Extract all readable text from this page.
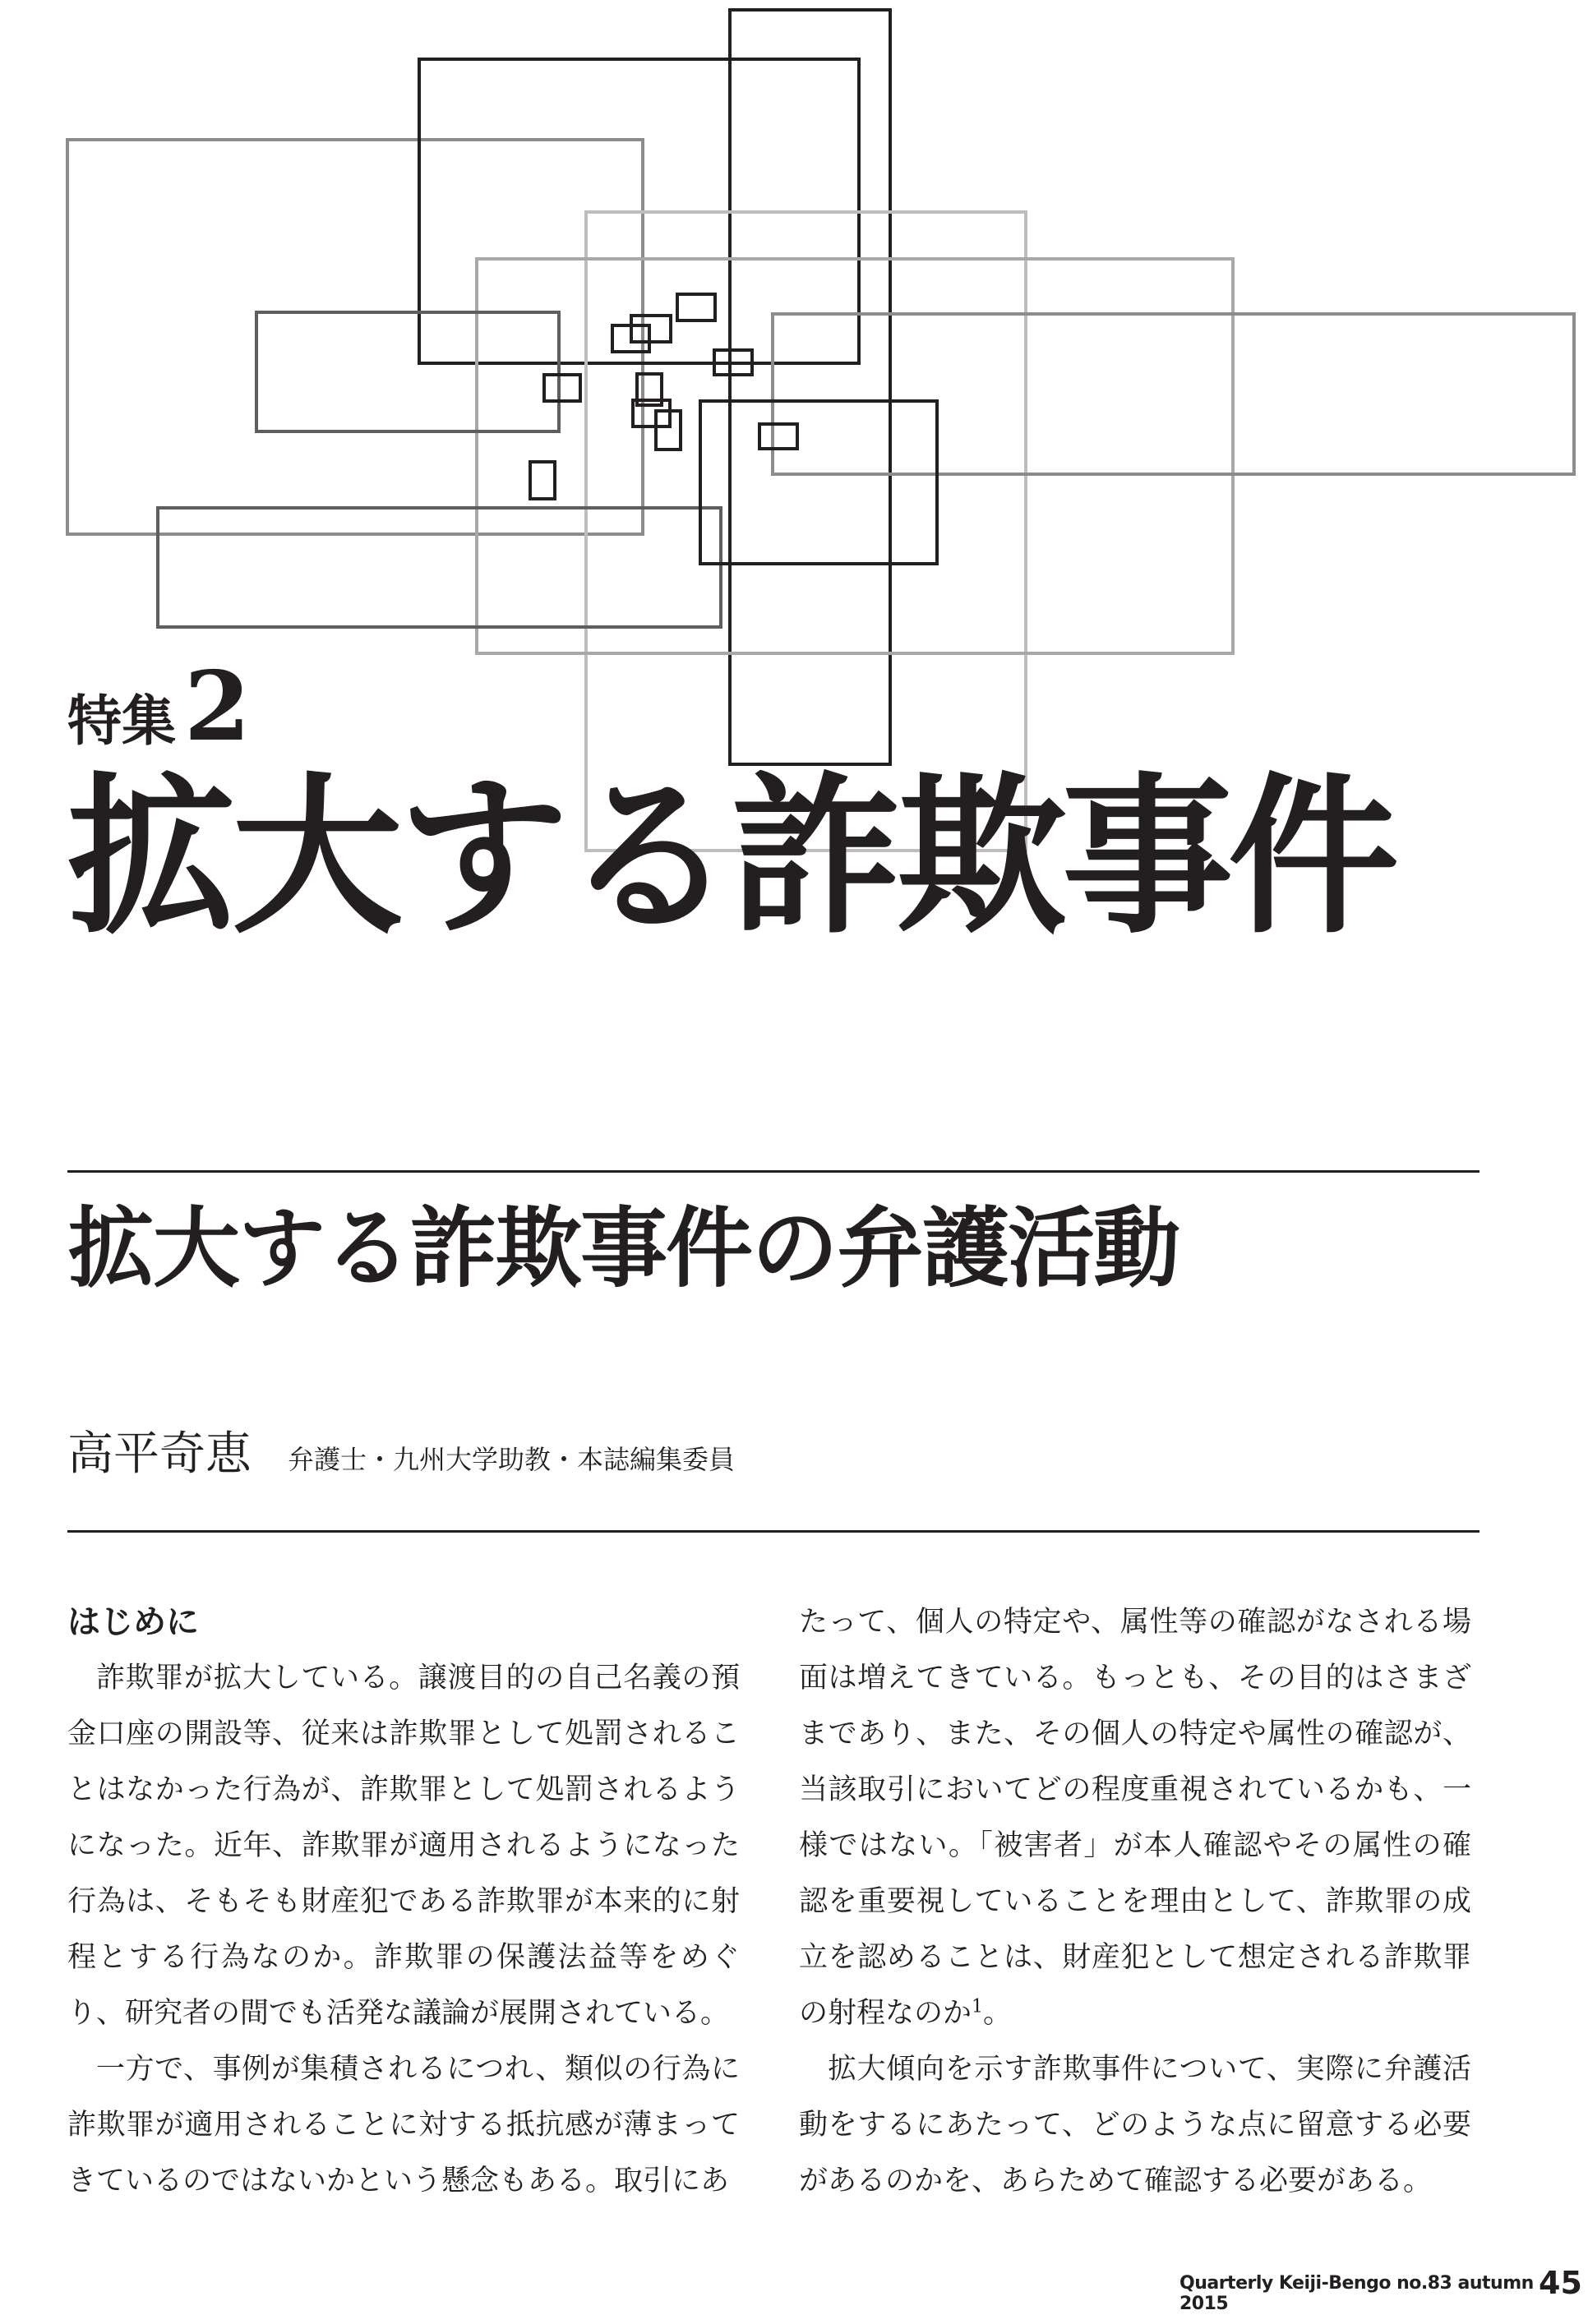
特集2
拡大する詐欺事件
拡大する詐欺事件の弁護活動
高平奇恵 弁護士・九州大学助教・本誌編集委員

はじめに

詐欺罪が拡大している。譲渡目的の自己名義の預金口座の開設等、従来は詐欺罪として処罰されることはなかった行為が、詐欺罪として処罰されるようになった。近年、詐欺罪が適用されるようになった行為は、そもそも財産犯である詐欺罪が本来的に射程とする行為なのか。詐欺罪の保護法益等をめぐり、研究者の間でも活発な議論が展開されている。

一方で、事例が集積されるにつれ、類似の行為に詐欺罪が適用されることに対する抵抗感が薄まってきているのではないかという懸念もある。取引にあ

たって、個人の特定や、属性等の確認がなされる場面は増えてきている。もっとも、その目的はさまざまであり、また、その個人の特定や属性の確認が、当該取引においてどの程度重視されているかも、一様ではない。「被害者」が本人確認やその属性の確認を重要視していることを理由として、詐欺罪の成立を認めることは、財産犯として想定される詐欺罪の射程なのか$^1$。

拡大傾向を示す詐欺事件について、実際に弁護活動をするにあたって、どのような点に留意する必要があるのかを、あらためて確認する必要がある。

Quarterly Keiji-Bengo no.83 autumn 2015
45
